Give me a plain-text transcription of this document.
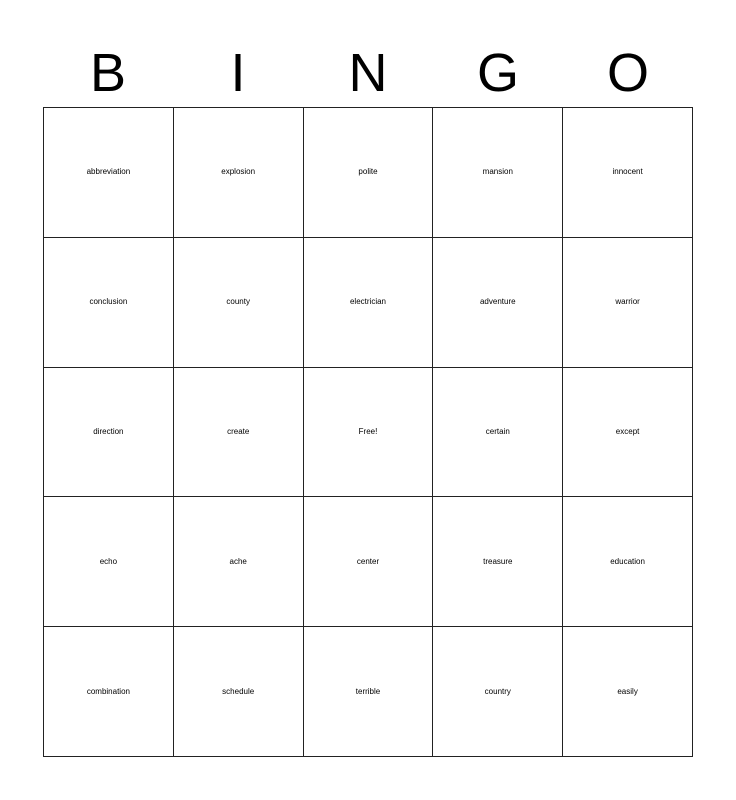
B	I	N	G	O
abbreviation	explosion	polite	mansion	innocent
conclusion	county	electrician	adventure	warrior
direction	create	Free!	certain	except
echo	ache	center	treasure	education
combination	schedule	terrible	country	easily
